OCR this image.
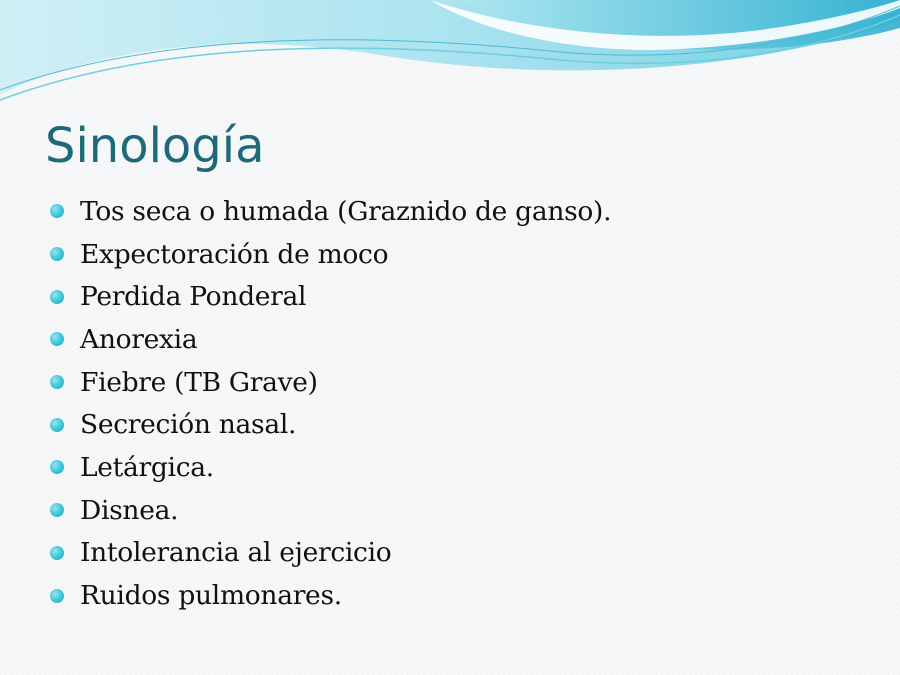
Sinología
Tos seca o humada (Graznido de ganso).
Expectoración de moco
Perdida Ponderal
Anorexia
Fiebre (TB Grave)
Secreción nasal.
Letárgica.
Disnea.
Intolerancia al ejercicio
Ruidos pulmonares.
